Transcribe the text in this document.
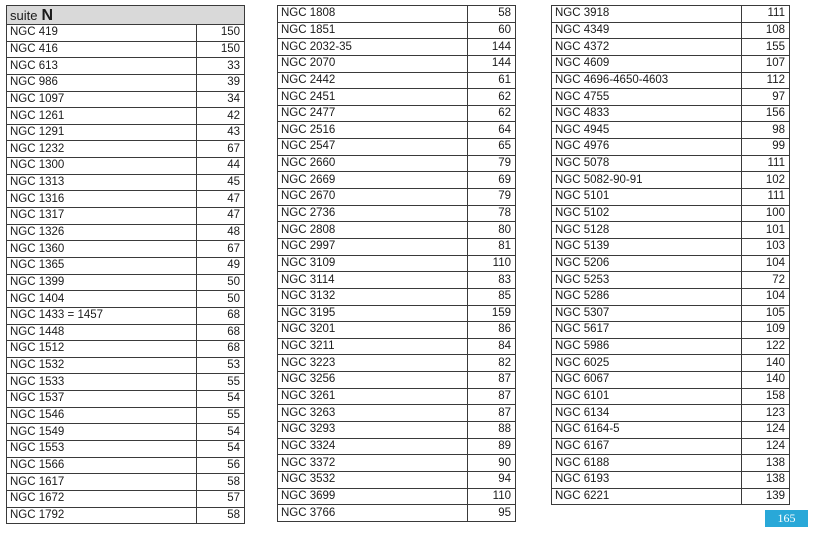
suite N	
NGC 419	150
NGC 416	150
NGC 613	33
NGC 986	39
NGC 1097	34
NGC 1261	42
NGC 1291	43
NGC 1232	67
NGC 1300	44
NGC 1313	45
NGC 1316	47
NGC 1317	47
NGC 1326	48
NGC 1360	67
NGC 1365	49
NGC 1399	50
NGC 1404	50
NGC 1433 = 1457	68
NGC 1448	68
NGC 1512	68
NGC 1532	53
NGC 1533	55
NGC 1537	54
NGC 1546	55
NGC 1549	54
NGC 1553	54
NGC 1566	56
NGC 1617	58
NGC 1672	57
NGC 1792	58
NGC 1808	58
NGC 1851	60
NGC 2032-35	144
NGC 2070	144
NGC 2442	61
NGC 2451	62
NGC 2477	62
NGC 2516	64
NGC 2547	65
NGC 2660	79
NGC 2669	69
NGC 2670	79
NGC 2736	78
NGC 2808	80
NGC 2997	81
NGC 3109	110
NGC 3114	83
NGC 3132	85
NGC 3195	159
NGC 3201	86
NGC 3211	84
NGC 3223	82
NGC 3256	87
NGC 3261	87
NGC 3263	87
NGC 3293	88
NGC 3324	89
NGC 3372	90
NGC 3532	94
NGC 3699	110
NGC 3766	95
NGC 3918	111
NGC 4349	108
NGC 4372	155
NGC 4609	107
NGC 4696-4650-4603	112
NGC 4755	97
NGC 4833	156
NGC 4945	98
NGC 4976	99
NGC 5078	111
NGC 5082-90-91	102
NGC 5101	111
NGC 5102	100
NGC 5128	101
NGC 5139	103
NGC 5206	104
NGC 5253	72
NGC 5286	104
NGC 5307	105
NGC 5617	109
NGC 5986	122
NGC 6025	140
NGC 6067	140
NGC 6101	158
NGC 6134	123
NGC 6164-5	124
NGC 6167	124
NGC 6188	138
NGC 6193	138
NGC 6221	139
165
